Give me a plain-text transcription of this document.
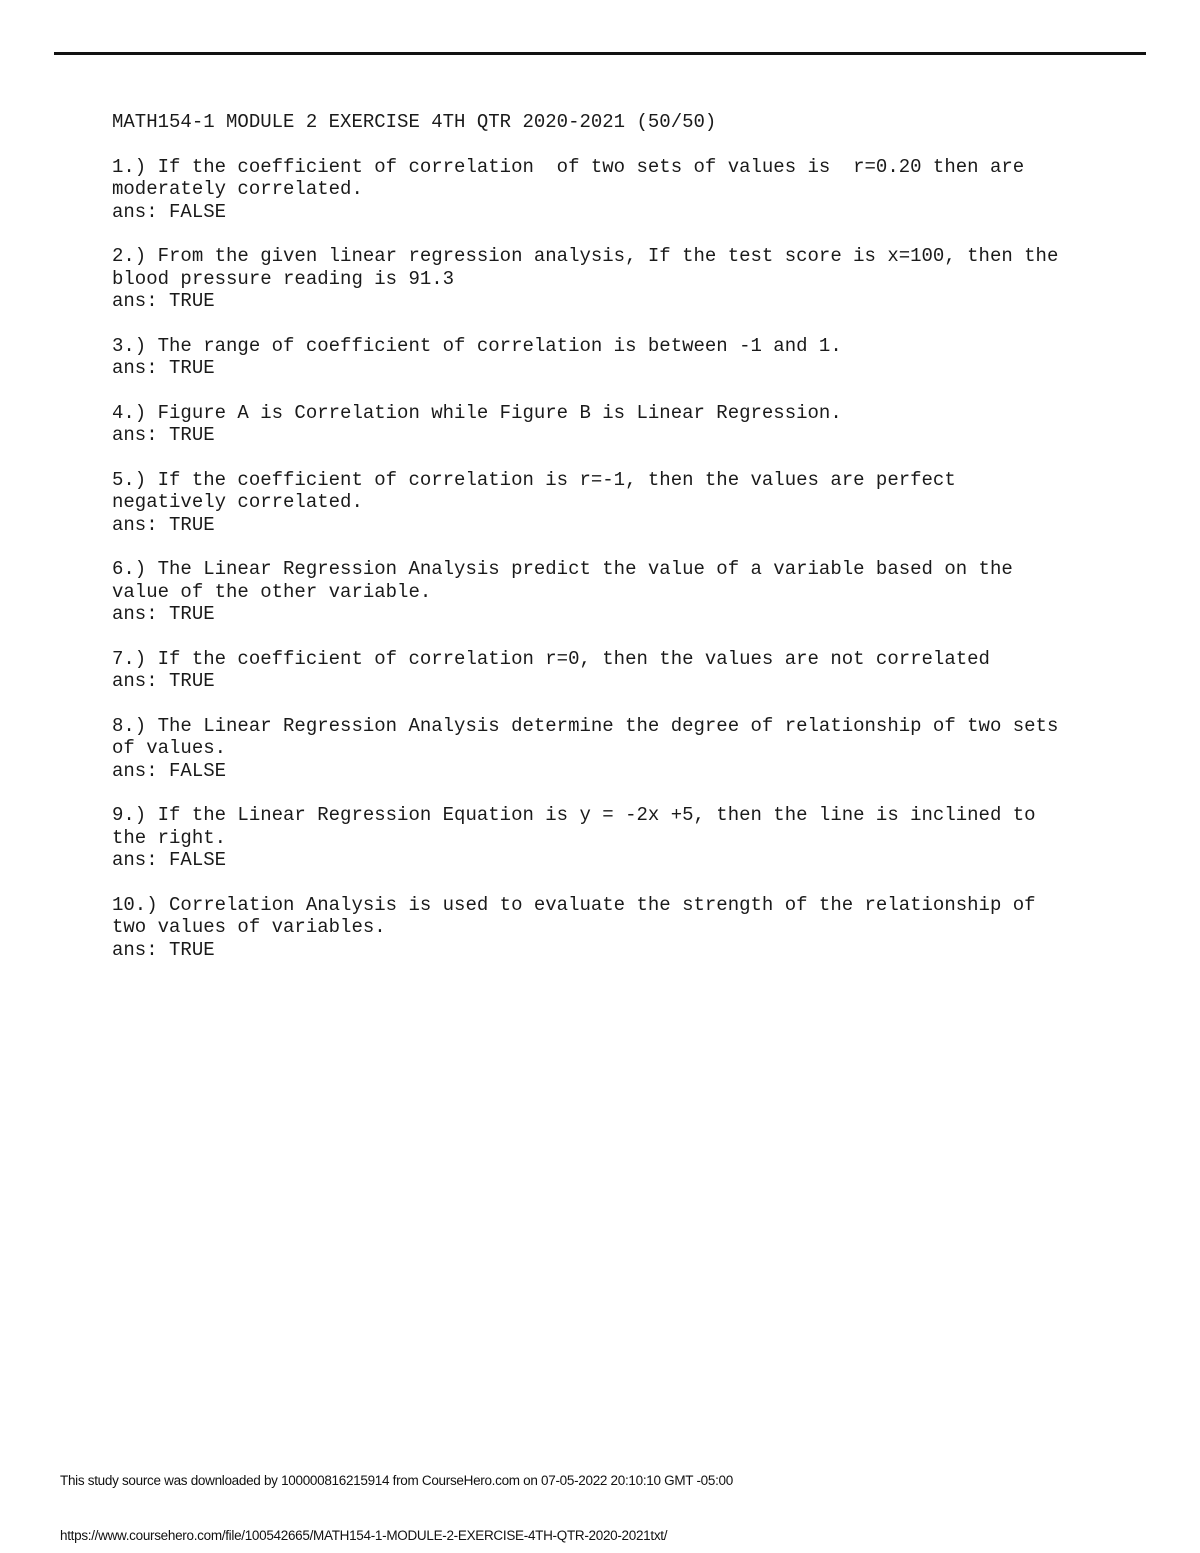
MATH154-1 MODULE 2 EXERCISE 4TH QTR 2020-2021 (50/50)
1.) If the coefficient of correlation  of two sets of values is  r=0.20 then are
moderately correlated.
ans: FALSE
2.) From the given linear regression analysis, If the test score is x=100, then the
blood pressure reading is 91.3
ans: TRUE
3.) The range of coefficient of correlation is between -1 and 1.
ans: TRUE
4.) Figure A is Correlation while Figure B is Linear Regression.
ans: TRUE
5.) If the coefficient of correlation is r=-1, then the values are perfect
negatively correlated.
ans: TRUE
6.) The Linear Regression Analysis predict the value of a variable based on the
value of the other variable.
ans: TRUE
7.) If the coefficient of correlation r=0, then the values are not correlated
ans: TRUE
8.) The Linear Regression Analysis determine the degree of relationship of two sets
of values.
ans: FALSE
9.) If the Linear Regression Equation is y = -2x +5, then the line is inclined to
the right.
ans: FALSE
10.) Correlation Analysis is used to evaluate the strength of the relationship of
two values of variables.
ans: TRUE
This study source was downloaded by 100000816215914 from CourseHero.com on 07-05-2022 20:10:10 GMT -05:00
https://www.coursehero.com/file/100542665/MATH154-1-MODULE-2-EXERCISE-4TH-QTR-2020-2021txt/
